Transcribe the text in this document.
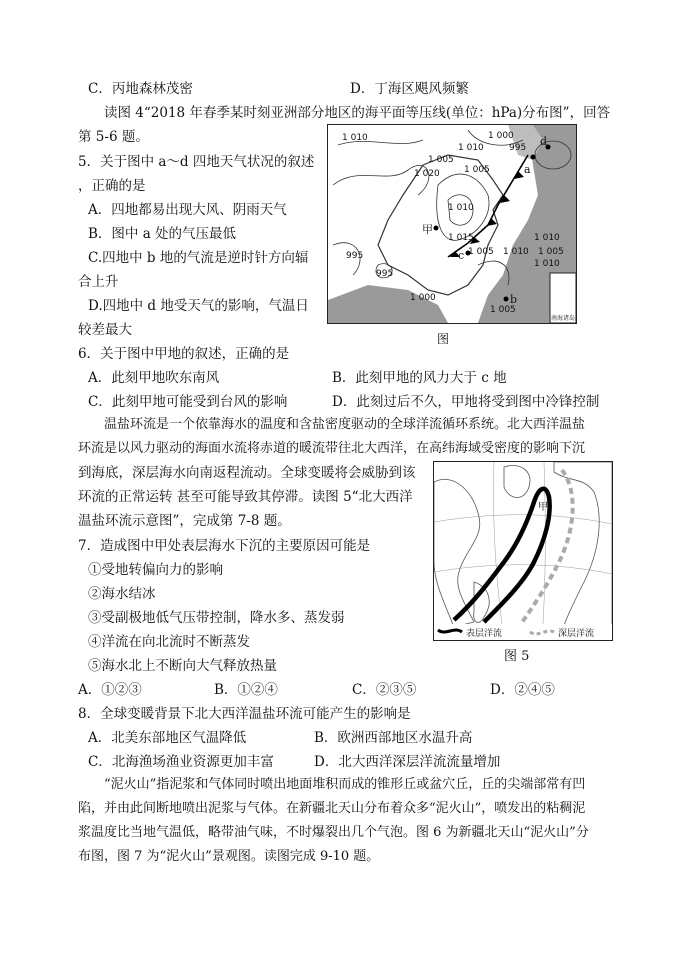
C．丙地森林茂密	D．丁海区飓风频繁
读图 4“2018 年春季某时刻亚洲部分地区的海平面等压线(单位：hPa)分布图”，回答
第 5-6 题。
5．关于图中 a～d 四地天气状况的叙述
，正确的是
A．四地都易出现大风、阴雨天气
B．图中 a 处的气压最低
C.四地中 b 地的气流是逆时针方向辐
合上升
D.四地中 d 地受天气的影响，气温日
较差最大
1 010	1 000
995
1 005
1 020
1 010
1 005
1 010
1 015
1 005 1 010 1 005
1 010
995
995
1 000
1 005
1 010
a
b
c
d
甲
南海诸岛
图
6．关于图中甲地的叙述，正确的是
A．此刻甲地吹东南风	B．此刻甲地的风力大于 c 地
C．此刻甲地可能受到台风的影响	D．此刻过后不久，甲地将受到图中冷锋控制
温盐环流是一个依靠海水的温度和含盐密度驱动的全球洋流循环系统。北大西洋温盐
环流是以风力驱动的海面水流将赤道的暖流带往北大西洋，在高纬海域受密度的影响下沉
到海底，深层海水向南返程流动。全球变暖将会威胁到该
环流的正常运转 甚至可能导致其停滞。读图 5“北大西洋
温盐环流示意图”，完成第 7-8 题。
甲
表层洋流	深层洋流
图 5
7．造成图中甲处表层海水下沉的主要原因可能是
①受地转偏向力的影响
②海水结冰
③受副极地低气压带控制，降水多、蒸发弱
④洋流在向北流时不断蒸发
⑤海水北上不断向大气释放热量
A．①②③	B．①②④	C．②③⑤	D．②④⑤
8．全球变暖背景下北大西洋温盐环流可能产生的影响是
A．北美东部地区气温降低	B．欧洲西部地区水温升高
C．北海渔场渔业资源更加丰富	D．北大西洋深层洋流流量增加
“泥火山”指泥浆和气体同时喷出地面堆积而成的锥形丘或盆穴丘，丘的尖端部常有凹
陷，并由此间断地喷出泥浆与气体。在新疆北天山分布着众多“泥火山”，喷发出的粘稠泥
浆温度比当地气温低，略带油气味，不时爆裂出几个气泡。图 6 为新疆北天山“泥火山”分
布图，图 7 为“泥火山”景观图。读图完成 9-10 题。
